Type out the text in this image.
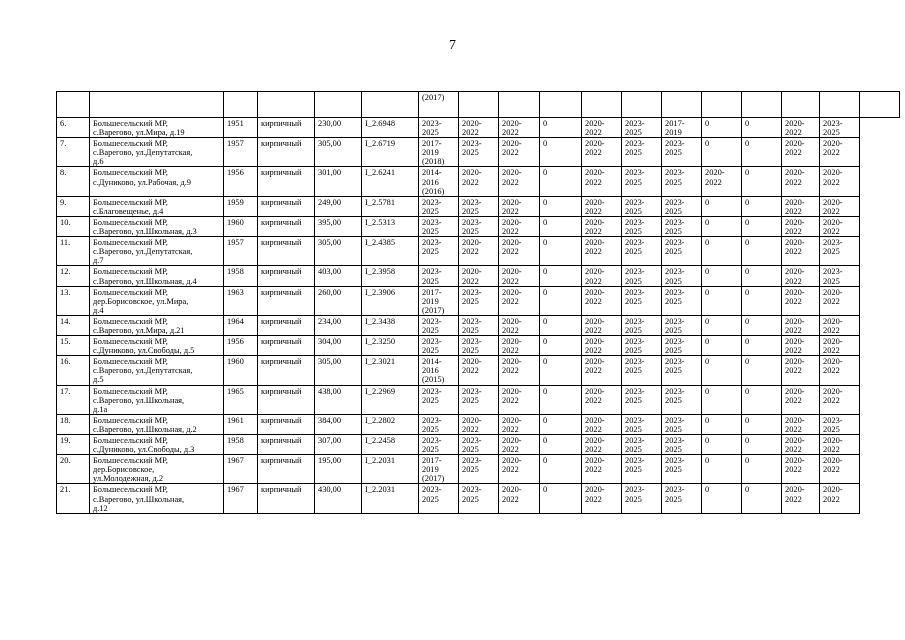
7
						(2017)											
6.	Большесельский МР,
с.Варегово, ул.Мира, д.19	1951	кирпичный	230,00	I_2.6948	2023-
2025	2020-
2022	2020-
2022	0	2020-
2022	2023-
2025	2017-
2019	0	0	2020-
2022	2023-
2025	
7.	Большесельский МР,
с.Варегово, ул.Депутатская,
д.6	1957	кирпичный	305,00	I_2.6719	2017-
2019
(2018)	2023-
2025	2020-
2022	0	2020-
2022	2023-
2025	2023-
2025	0	0	2020-
2022	2020-
2022	
8.	Большесельский МР,
с.Дуниково, ул.Рабочая, д.9	1956	кирпичный	301,00	I_2.6241	2014-
2016
(2016)	2020-
2022	2020-
2022	0	2020-
2022	2023-
2025	2023-
2025	2020-
2022	0	2020-
2022	2020-
2022	
9.	Большесельский МР,
с.Благовещенье, д.4	1959	кирпичный	249,00	I_2.5781	2023-
2025	2023-
2025	2020-
2022	0	2020-
2022	2023-
2025	2023-
2025	0	0	2020-
2022	2020-
2022	
10.	Большесельский МР,
с.Варегово, ул.Школьная, д.3	1960	кирпичный	395,00	I_2.5313	2023-
2025	2023-
2025	2020-
2022	0	2020-
2022	2023-
2025	2023-
2025	0	0	2020-
2022	2020-
2022	
11.	Большесельский МР,
с.Варегово, ул.Депутатская,
д.7	1957	кирпичный	305,00	I_2.4385	2023-
2025	2020-
2022	2020-
2022	0	2020-
2022	2023-
2025	2023-
2025	0	0	2020-
2022	2023-
2025	
12.	Большесельский МР,
с.Варегово, ул.Школьная, д.4	1958	кирпичный	403,00	I_2.3958	2023-
2025	2020-
2022	2020-
2022	0	2020-
2022	2023-
2025	2023-
2025	0	0	2020-
2022	2023-
2025	
13.	Большесельский МР,
дер.Борисовское, ул.Мира,
д.4	1963	кирпичный	260,00	I_2.3906	2017-
2019
(2017)	2023-
2025	2020-
2022	0	2020-
2022	2023-
2025	2023-
2025	0	0	2020-
2022	2020-
2022	
14.	Большесельский МР,
с.Варегово, ул.Мира, д.21	1964	кирпичный	234,00	I_2.3438	2023-
2025	2023-
2025	2020-
2022	0	2020-
2022	2023-
2025	2023-
2025	0	0	2020-
2022	2020-
2022	
15.	Большесельский МР,
с.Дуниково, ул.Свободы, д.5	1956	кирпичный	304,00	I_2.3250	2023-
2025	2023-
2025	2020-
2022	0	2020-
2022	2023-
2025	2023-
2025	0	0	2020-
2022	2020-
2022	
16.	Большесельский МР,
с.Варегово, ул.Депутатская,
д.5	1960	кирпичный	305,00	I_2.3021	2014-
2016
(2015)	2020-
2022	2020-
2022	0	2020-
2022	2023-
2025	2023-
2025	0	0	2020-
2022	2020-
2022	
17.	Большесельский МР,
с.Варегово, ул.Школьная,
д.1а	1965	кирпичный	438,00	I_2.2969	2023-
2025	2023-
2025	2020-
2022	0	2020-
2022	2023-
2025	2023-
2025	0	0	2020-
2022	2020-
2022	
18.	Большесельский МР,
с.Варегово, ул.Школьная, д.2	1961	кирпичный	384,00	I_2.2802	2023-
2025	2020-
2022	2020-
2022	0	2020-
2022	2023-
2025	2023-
2025	0	0	2020-
2022	2023-
2025	
19.	Большесельский МР,
с.Дуниково, ул.Свободы, д.3	1958	кирпичный	307,00	I_2.2458	2023-
2025	2023-
2025	2020-
2022	0	2020-
2022	2023-
2025	2023-
2025	0	0	2020-
2022	2020-
2022	
20.	Большесельский МР,
дер.Борисовское,
ул.Молодежная, д.2	1967	кирпичный	195,00	I_2.2031	2017-
2019
(2017)	2023-
2025	2020-
2022	0	2020-
2022	2023-
2025	2023-
2025	0	0	2020-
2022	2020-
2022	
21.	Большесельский МР,
с.Варегово, ул.Школьная,
д.12	1967	кирпичный	430,00	I_2.2031	2023-
2025	2023-
2025	2020-
2022	0	2020-
2022	2023-
2025	2023-
2025	0	0	2020-
2022	2020-
2022	
